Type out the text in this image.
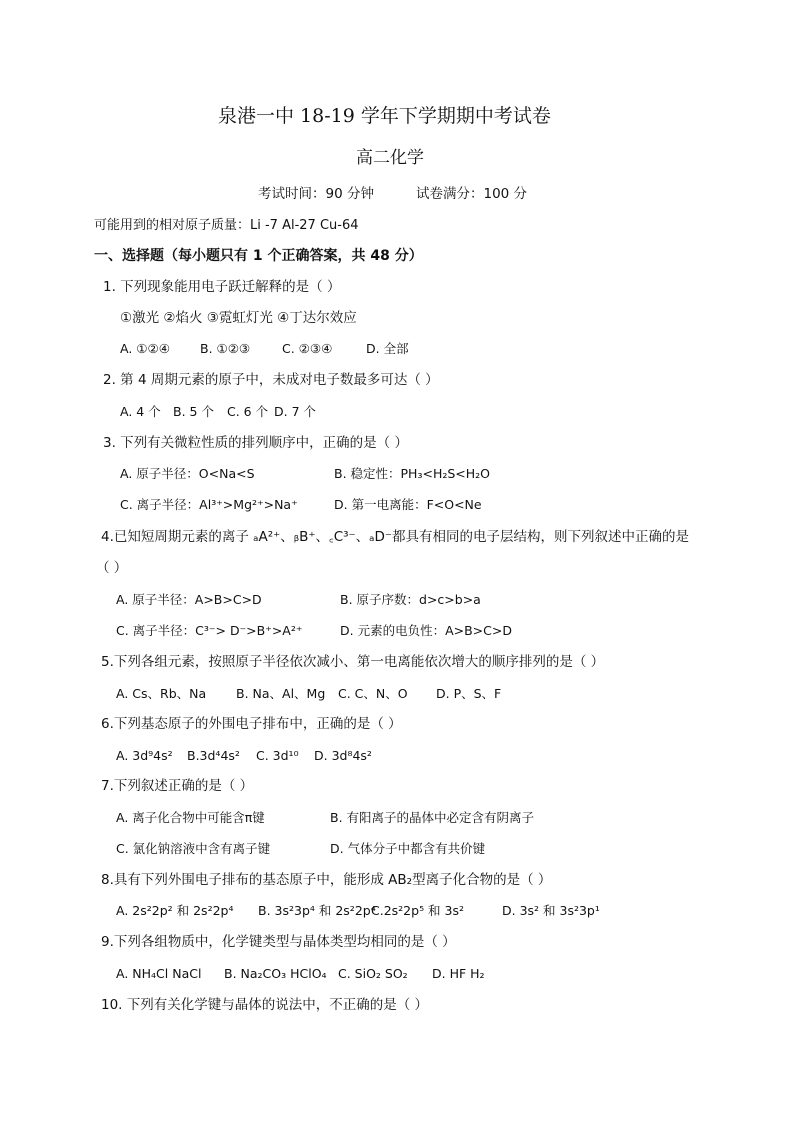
泉港一中 18-19 学年下学期期中考试卷
高二化学
考试时间：90 分钟	试卷满分：100 分
可能用到的相对原子质量：Li -7 Al-27 Cu-64
一、选择题（每小题只有 1 个正确答案，共 48 分）
1. 下列现象能用电子跃迁解释的是（ ）
①激光 ②焰火 ③霓虹灯光 ④丁达尔效应
A. ①②④ B. ①②③	C. ②③④	D. 全部
2. 第 4 周期元素的原子中，未成对电子数最多可达（ ）
A. 4 个 B. 5 个 C. 6 个 D. 7 个
3. 下列有关微粒性质的排列顺序中，正确的是（ ）
A. 原子半径：O<Na<S	B. 稳定性：PH₃<H₂S<H₂O
C. 离子半径：Al³⁺>Mg²⁺>Na⁺	D. 第一电离能：F<O<Ne
4.已知短周期元素的离子 ₐA²⁺、ᵦB⁺、꜀C³⁻、ₐD⁻都具有相同的电子层结构，则下列叙述中正确的是
（ ）
A. 原子半径：A>B>C>D	B. 原子序数：d>c>b>a
C. 离子半径：C³⁻> D⁻>B⁺>A²⁺	D. 元素的电负性：A>B>C>D
5.下列各组元素，按照原子半径依次减小、第一电离能依次增大的顺序排列的是（ ）
A. Cs、Rb、Na B. Na、Al、Mg C. C、N、O D. P、S、F
6.下列基态原子的外围电子排布中，正确的是（ ）
A. 3d⁹4s² B.3d⁴4s² C. 3d¹⁰ D. 3d⁸4s²
7.下列叙述正确的是（ ）
A. 离子化合物中可能含π键	B. 有阳离子的晶体中必定含有阴离子
C. 氯化钠溶液中含有离子键	D. 气体分子中都含有共价键
8.具有下列外围电子排布的基态原子中，能形成 AB₂型离子化合物的是（ ）
A. 2s²2p² 和 2s²2p⁴ B. 3s²3p⁴ 和 2s²2p⁴
C.2s²2p⁵ 和 3s²	D. 3s² 和 3s²3p¹
9.下列各组物质中，化学键类型与晶体类型均相同的是（ ）
A. NH₄Cl NaCl B. Na₂CO₃ HClO₄ C. SiO₂ SO₂ D. HF H₂
10. 下列有关化学键与晶体的说法中，不正确的是（ ）
